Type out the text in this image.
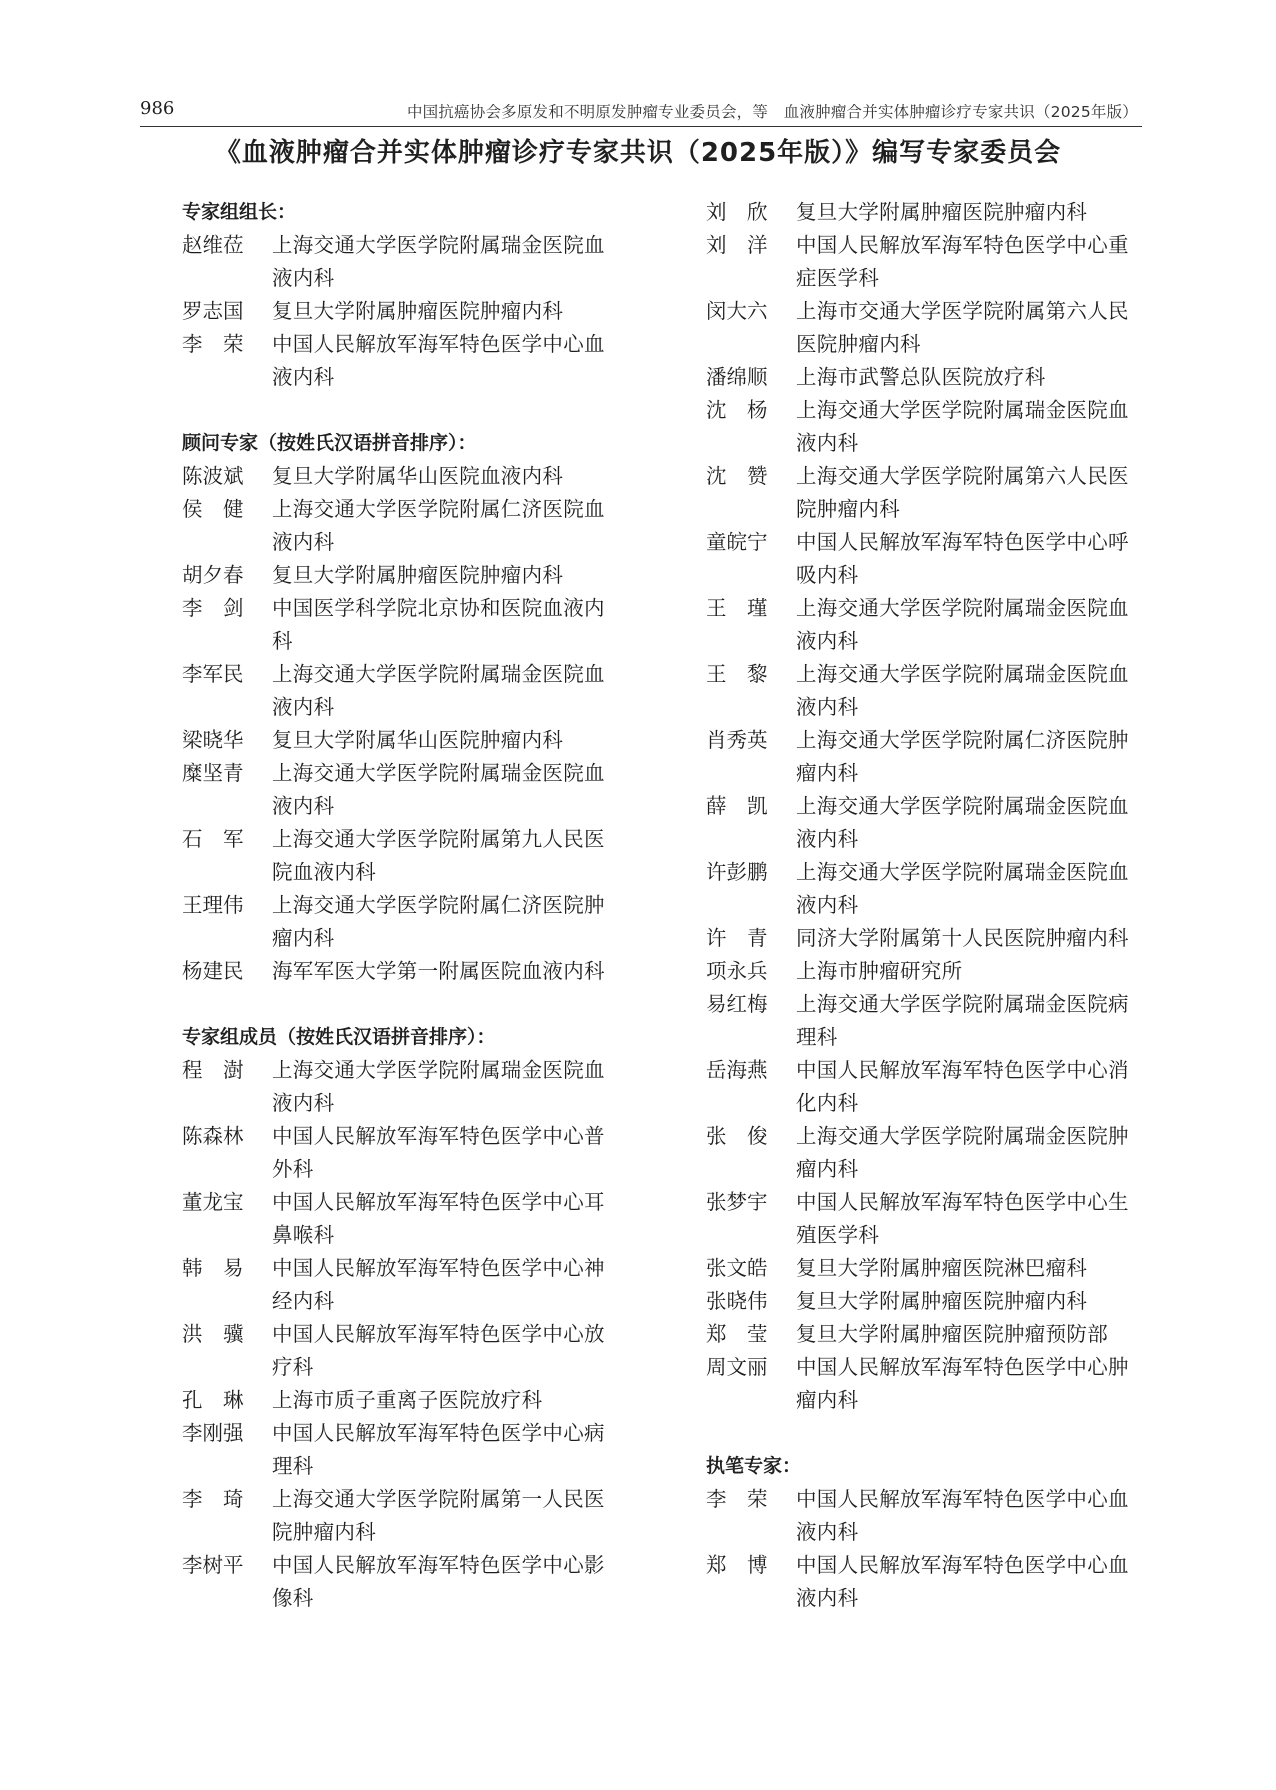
986	中国抗癌协会多原发和不明原发肿瘤专业委员会，等　血液肿瘤合并实体肿瘤诊疗专家共识（2025年版）
《血液肿瘤合并实体肿瘤诊疗专家共识（2025年版）》编写专家委员会
专家组组长：
赵维莅 上海交通大学医学院附属瑞金医院血液内科
罗志国 复旦大学附属肿瘤医院肿瘤内科
李　荣 中国人民解放军海军特色医学中心血液内科
顾问专家（按姓氏汉语拼音排序）：
陈波斌 复旦大学附属华山医院血液内科
侯　健 上海交通大学医学院附属仁济医院血液内科
胡夕春 复旦大学附属肿瘤医院肿瘤内科
李　剑 中国医学科学院北京协和医院血液内科
李军民 上海交通大学医学院附属瑞金医院血液内科
梁晓华 复旦大学附属华山医院肿瘤内科
糜坚青 上海交通大学医学院附属瑞金医院血液内科
石　军 上海交通大学医学院附属第九人民医院血液内科
王理伟 上海交通大学医学院附属仁济医院肿瘤内科
杨建民 海军军医大学第一附属医院血液内科
专家组成员（按姓氏汉语拼音排序）：
程　澍 上海交通大学医学院附属瑞金医院血液内科
陈森林 中国人民解放军海军特色医学中心普外科
董龙宝 中国人民解放军海军特色医学中心耳鼻喉科
韩　易 中国人民解放军海军特色医学中心神经内科
洪　骥 中国人民解放军海军特色医学中心放疗科
孔　琳 上海市质子重离子医院放疗科
李刚强 中国人民解放军海军特色医学中心病理科
李　琦 上海交通大学医学院附属第一人民医院肿瘤内科
李树平 中国人民解放军海军特色医学中心影像科
刘　欣 复旦大学附属肿瘤医院肿瘤内科
刘　洋 中国人民解放军海军特色医学中心重症医学科
闵大六 上海市交通大学医学院附属第六人民医院肿瘤内科
潘绵顺 上海市武警总队医院放疗科
沈　杨 上海交通大学医学院附属瑞金医院血液内科
沈　赞 上海交通大学医学院附属第六人民医院肿瘤内科
童皖宁 中国人民解放军海军特色医学中心呼吸内科
王　瑾 上海交通大学医学院附属瑞金医院血液内科
王　黎 上海交通大学医学院附属瑞金医院血液内科
肖秀英 上海交通大学医学院附属仁济医院肿瘤内科
薛　凯 上海交通大学医学院附属瑞金医院血液内科
许彭鹏 上海交通大学医学院附属瑞金医院血液内科
许　青 同济大学附属第十人民医院肿瘤内科
项永兵 上海市肿瘤研究所
易红梅 上海交通大学医学院附属瑞金医院病理科
岳海燕 中国人民解放军海军特色医学中心消化内科
张　俊 上海交通大学医学院附属瑞金医院肿瘤内科
张梦宇 中国人民解放军海军特色医学中心生殖医学科
张文皓 复旦大学附属肿瘤医院淋巴瘤科
张晓伟 复旦大学附属肿瘤医院肿瘤内科
郑　莹 复旦大学附属肿瘤医院肿瘤预防部
周文丽 中国人民解放军海军特色医学中心肿瘤内科
执笔专家：
李　荣 中国人民解放军海军特色医学中心血液内科
郑　博 中国人民解放军海军特色医学中心血液内科
